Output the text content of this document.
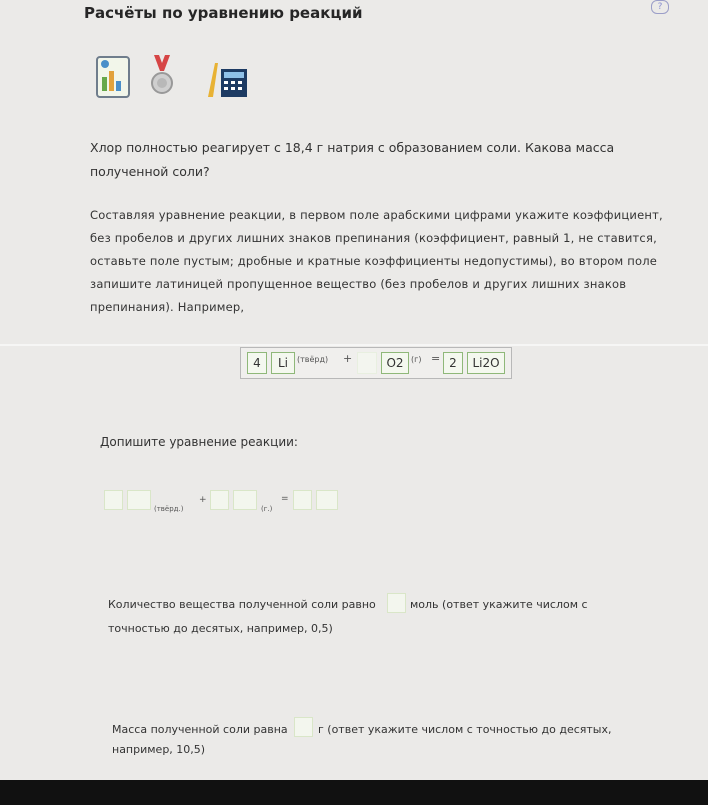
Расчёты по уравнению реакций	?
Хлор полностью реагирует с 18,4 г натрия с образованием соли. Какова масса
полученной соли?
Составляя уравнение реакции, в первом поле арабскими цифрами укажите коэффициент,
без пробелов и других лишних знаков препинания (коэффициент, равный 1, не ставится,
оставьте поле пустым; дробные и кратные коэффициенты недопустимы), во втором поле
запишите латиницей пропущенное вещество (без пробелов и других лишних знаков
препинания). Например,
4	Li	(твёрд) +	O2 (г) = 2	Li2O
Допишите уравнение реакции:
(твёрд.)
+
(г.)
=
Количество вещества полученной соли равно	моль (ответ укажите числом с
точностью до десятых, например, 0,5)
Масса полученной соли равна	г (ответ укажите числом с точностью до десятых,
например, 10,5)
